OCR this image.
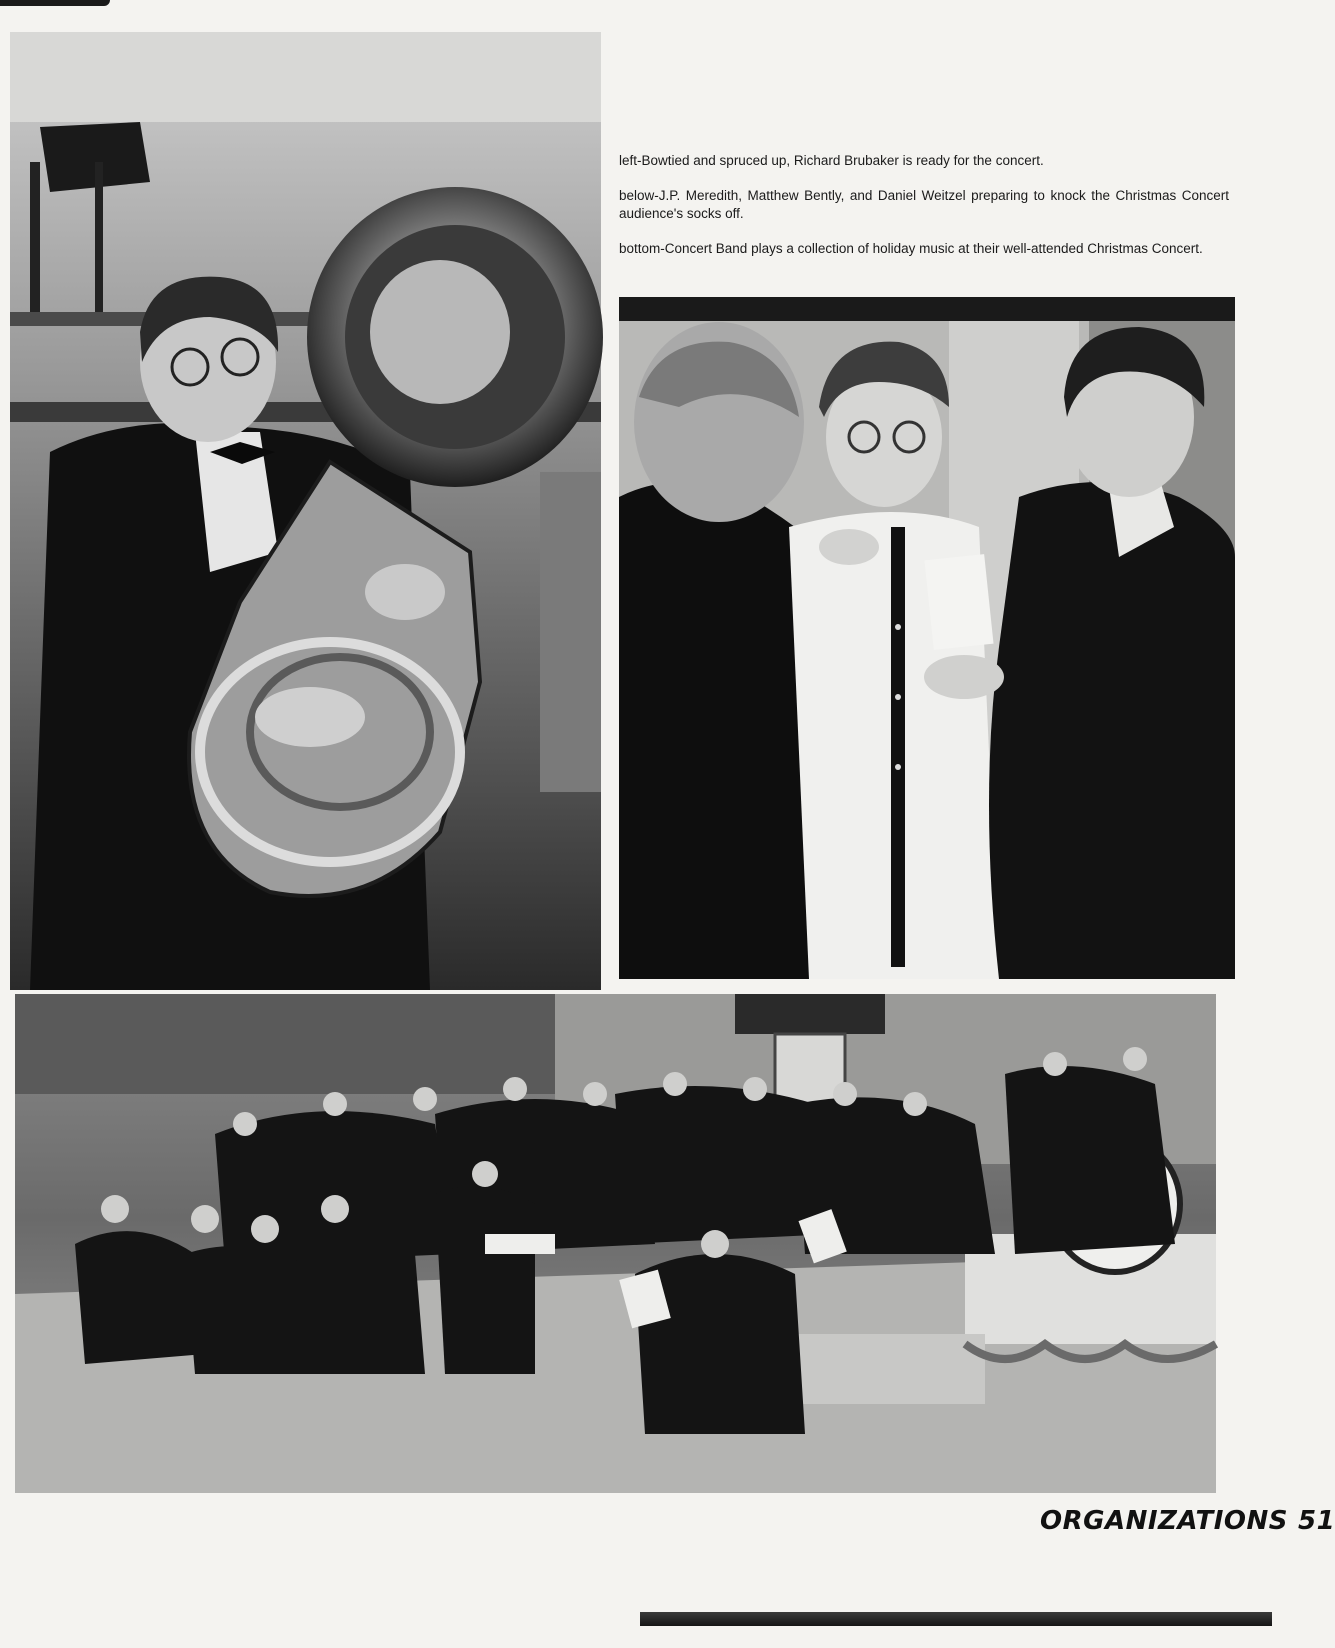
left-Bowtied and spruced up, Richard Brubaker is ready for the concert.

below-J.P. Meredith, Matthew Bently, and Daniel Weitzel preparing to knock the Christmas Concert audience's socks off.

bottom-Concert Band plays a collection of holiday music at their well-attended Christmas Concert.

ORGANIZATIONS 51
